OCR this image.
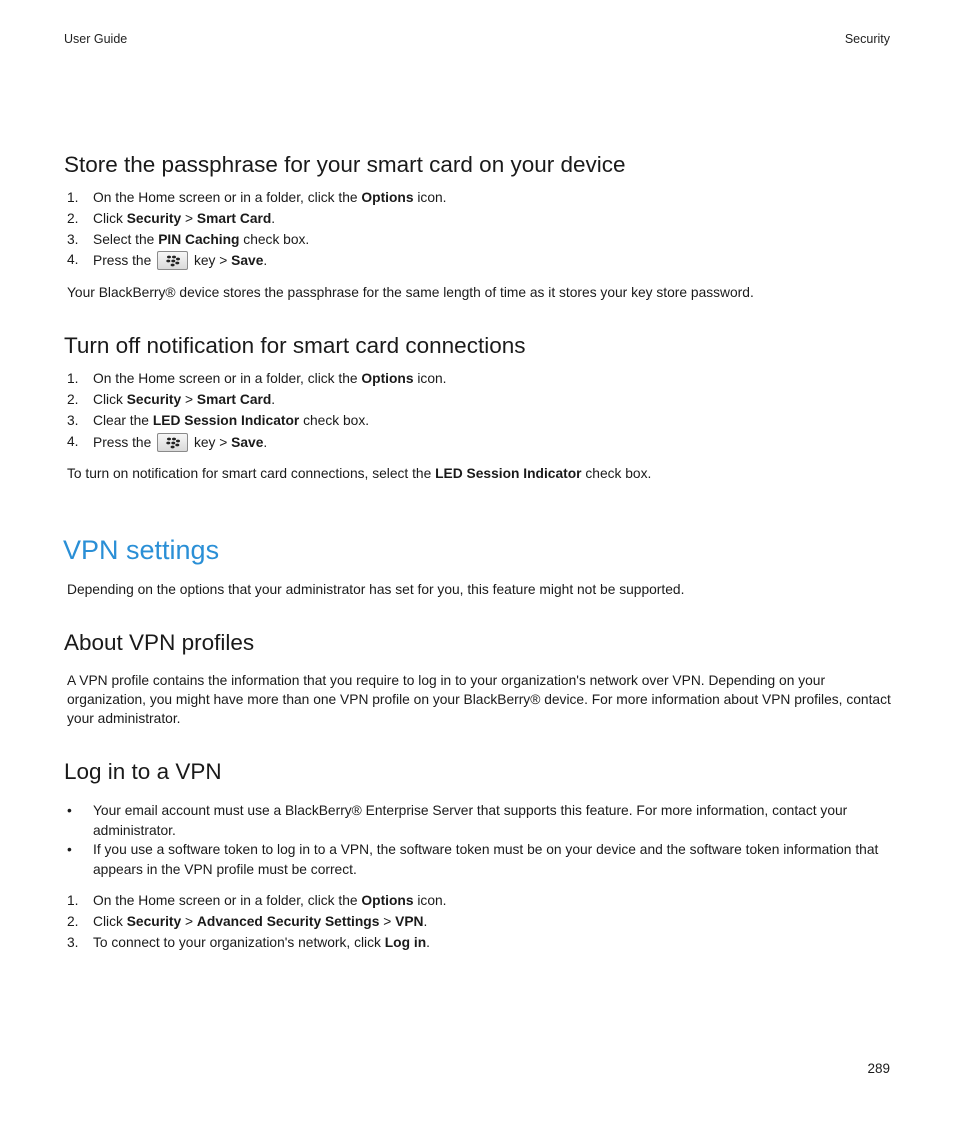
User Guide	Security
Store the passphrase for your smart card on your device
1. On the Home screen or in a folder, click the Options icon.
2. Click Security > Smart Card.
3. Select the PIN Caching check box.
4. Press the	key > Save.
Your BlackBerry® device stores the passphrase for the same length of time as it stores your key store password.
Turn off notification for smart card connections
1. On the Home screen or in a folder, click the Options icon.
2. Click Security > Smart Card.
3. Clear the LED Session Indicator check box.
4. Press the	key > Save.
To turn on notification for smart card connections, select the LED Session Indicator check box.
VPN settings
Depending on the options that your administrator has set for you, this feature might not be supported.
About VPN profiles
A VPN profile contains the information that you require to log in to your organization's network over VPN. Depending on your organization, you might have more than one VPN profile on your BlackBerry® device. For more information about VPN profiles, contact your administrator.
Log in to a VPN
• Your email account must use a BlackBerry® Enterprise Server that supports this feature. For more information, contact your administrator.
• If you use a software token to log in to a VPN, the software token must be on your device and the software token information that appears in the VPN profile must be correct.
1. On the Home screen or in a folder, click the Options icon.
2. Click Security > Advanced Security Settings > VPN.
3. To connect to your organization's network, click Log in.
289
